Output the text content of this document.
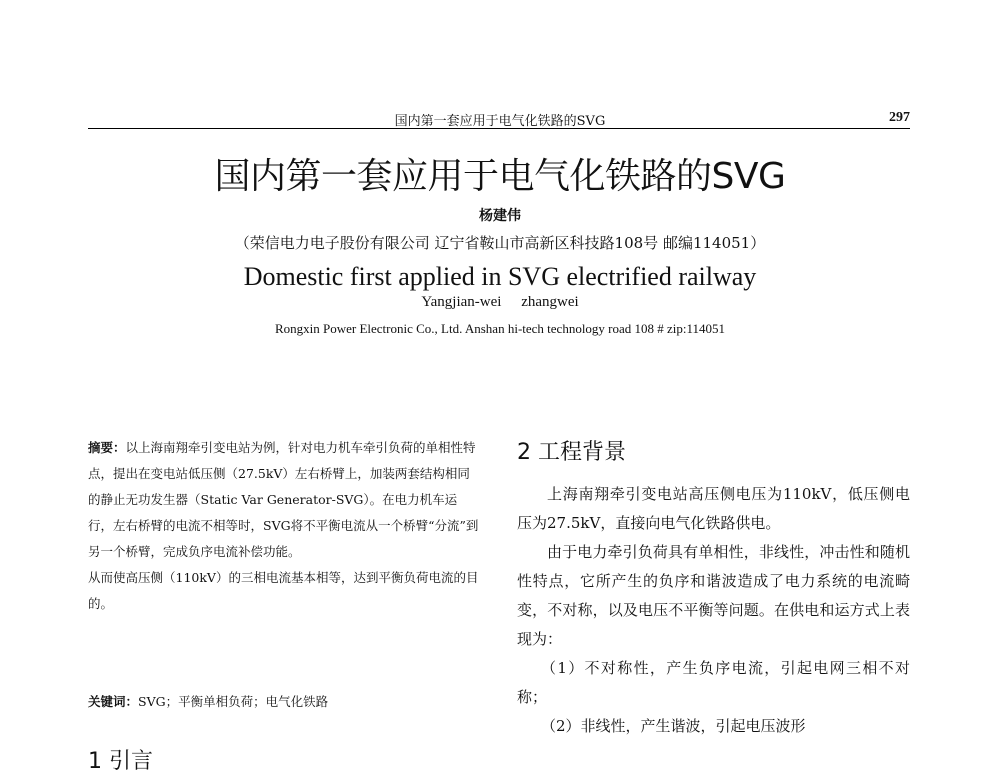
国内第一套应用于电气化铁路的SVG	297
国内第一套应用于电气化铁路的SVG
杨建伟
（荣信电力电子股份有限公司 辽宁省鞍山市高新区科技路108号 邮编114051）
Domestic first applied in SVG electrified railway
Yangjian-wei zhangwei
Rongxin Power Electronic Co., Ltd. Anshan hi-tech technology road 108 # zip:114051

摘要：以上海南翔牵引变电站为例，针对电力机车牵引负荷的单相性特点，提出在变电站低压侧（27.5kV）左右桥臂上，加装两套结构相同的静止无功发生器（Static Var Generator-SVG）。在电力机车运行，左右桥臂的电流不相等时，SVG将不平衡电流从一个桥臂“分流”到另一个桥臂，完成负序电流补偿功能。

从而使高压侧（110kV）的三相电流基本相等，达到平衡负荷电流的目的。

关键词：SVG；平衡单相负荷；电气化铁路
1 引言
2 工程背景

上海南翔牵引变电站高压侧电压为110kV，低压侧电压为27.5kV，直接向电气化铁路供电。

由于电力牵引负荷具有单相性，非线性，冲击性和随机性特点，它所产生的负序和谐波造成了电力系统的电流畸变，不对称，以及电压不平衡等问题。在供电和运方式上表现为：

（1）不对称性，产生负序电流，引起电网三相不对称；

（2）非线性，产生谐波，引起电压波形
